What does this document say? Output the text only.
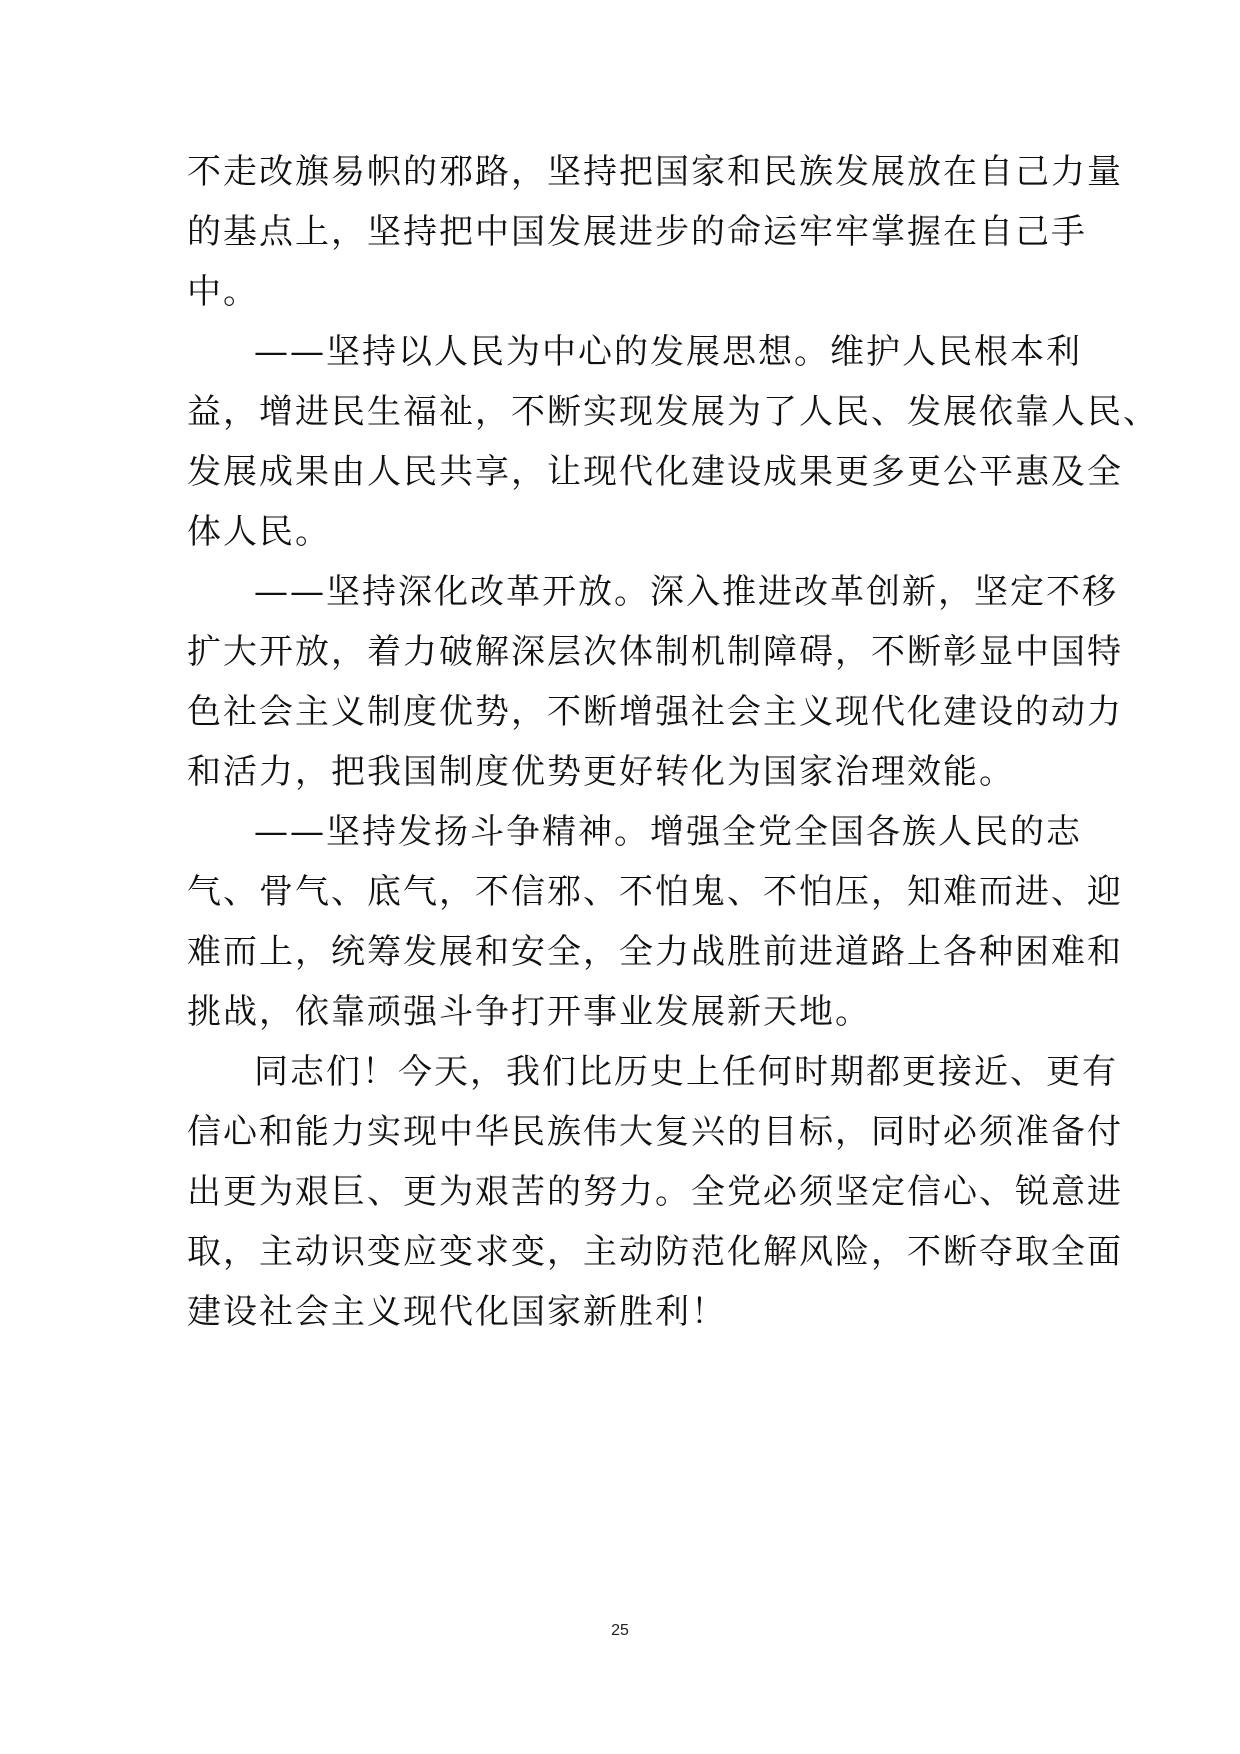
不走改旗易帜的邪路，坚持把国家和民族发展放在自己力量
的基点上，坚持把中国发展进步的命运牢牢掌握在自己手
中。
——坚持以人民为中心的发展思想。维护人民根本利
益，增进民生福祉，不断实现发展为了人民、发展依靠人民、
发展成果由人民共享，让现代化建设成果更多更公平惠及全
体人民。
——坚持深化改革开放。深入推进改革创新，坚定不移
扩大开放，着力破解深层次体制机制障碍，不断彰显中国特
色社会主义制度优势，不断增强社会主义现代化建设的动力
和活力，把我国制度优势更好转化为国家治理效能。
——坚持发扬斗争精神。增强全党全国各族人民的志
气、骨气、底气，不信邪、不怕鬼、不怕压，知难而进、迎
难而上，统筹发展和安全，全力战胜前进道路上各种困难和
挑战，依靠顽强斗争打开事业发展新天地。
同志们！今天，我们比历史上任何时期都更接近、更有
信心和能力实现中华民族伟大复兴的目标，同时必须准备付
出更为艰巨、更为艰苦的努力。全党必须坚定信心、锐意进
取，主动识变应变求变，主动防范化解风险，不断夺取全面
建设社会主义现代化国家新胜利！
25
